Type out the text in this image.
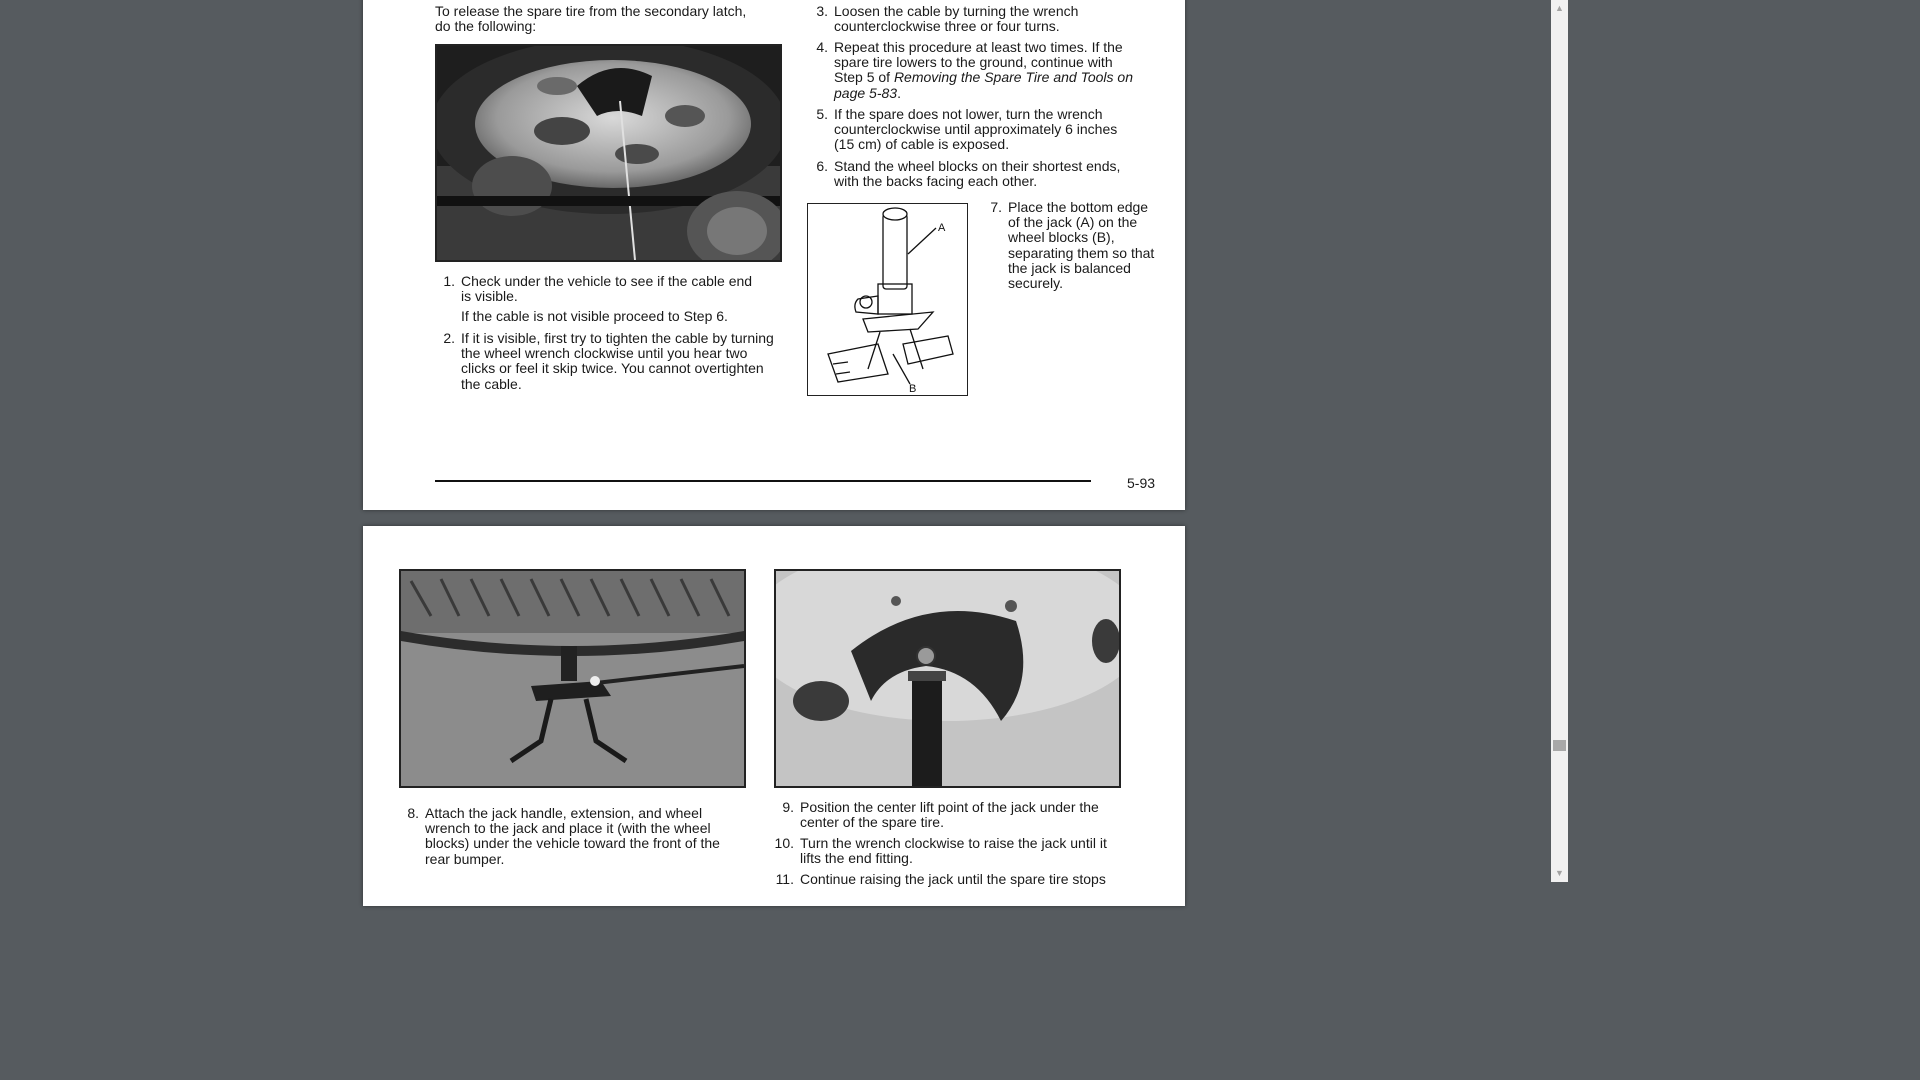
To release the spare tire from the secondary latch, do the following:
1. Check under the vehicle to see if the cable end is visible.
If the cable is not visible proceed to Step 6.
2. If it is visible, first try to tighten the cable by turning the wheel wrench clockwise until you hear two clicks or feel it skip twice. You cannot overtighten the cable.
3. Loosen the cable by turning the wrench counterclockwise three or four turns.
4. Repeat this procedure at least two times. If the spare tire lowers to the ground, continue with Step 5 of Removing the Spare Tire and Tools on page 5-83.
5. If the spare does not lower, turn the wrench counterclockwise until approximately 6 inches (15 cm) of cable is exposed.
6. Stand the wheel blocks on their shortest ends, with the backs facing each other.
A
B
7. Place the bottom edge of the jack (A) on the wheel blocks (B), separating them so that the jack is balanced securely.
5-93
8. Attach the jack handle, extension, and wheel wrench to the jack and place it (with the wheel blocks) under the vehicle toward the front of the rear bumper.
9. Position the center lift point of the jack under the center of the spare tire.
10. Turn the wrench clockwise to raise the jack until it lifts the end fitting.
11. Continue raising the jack until the spare tire stops
▲
▼
